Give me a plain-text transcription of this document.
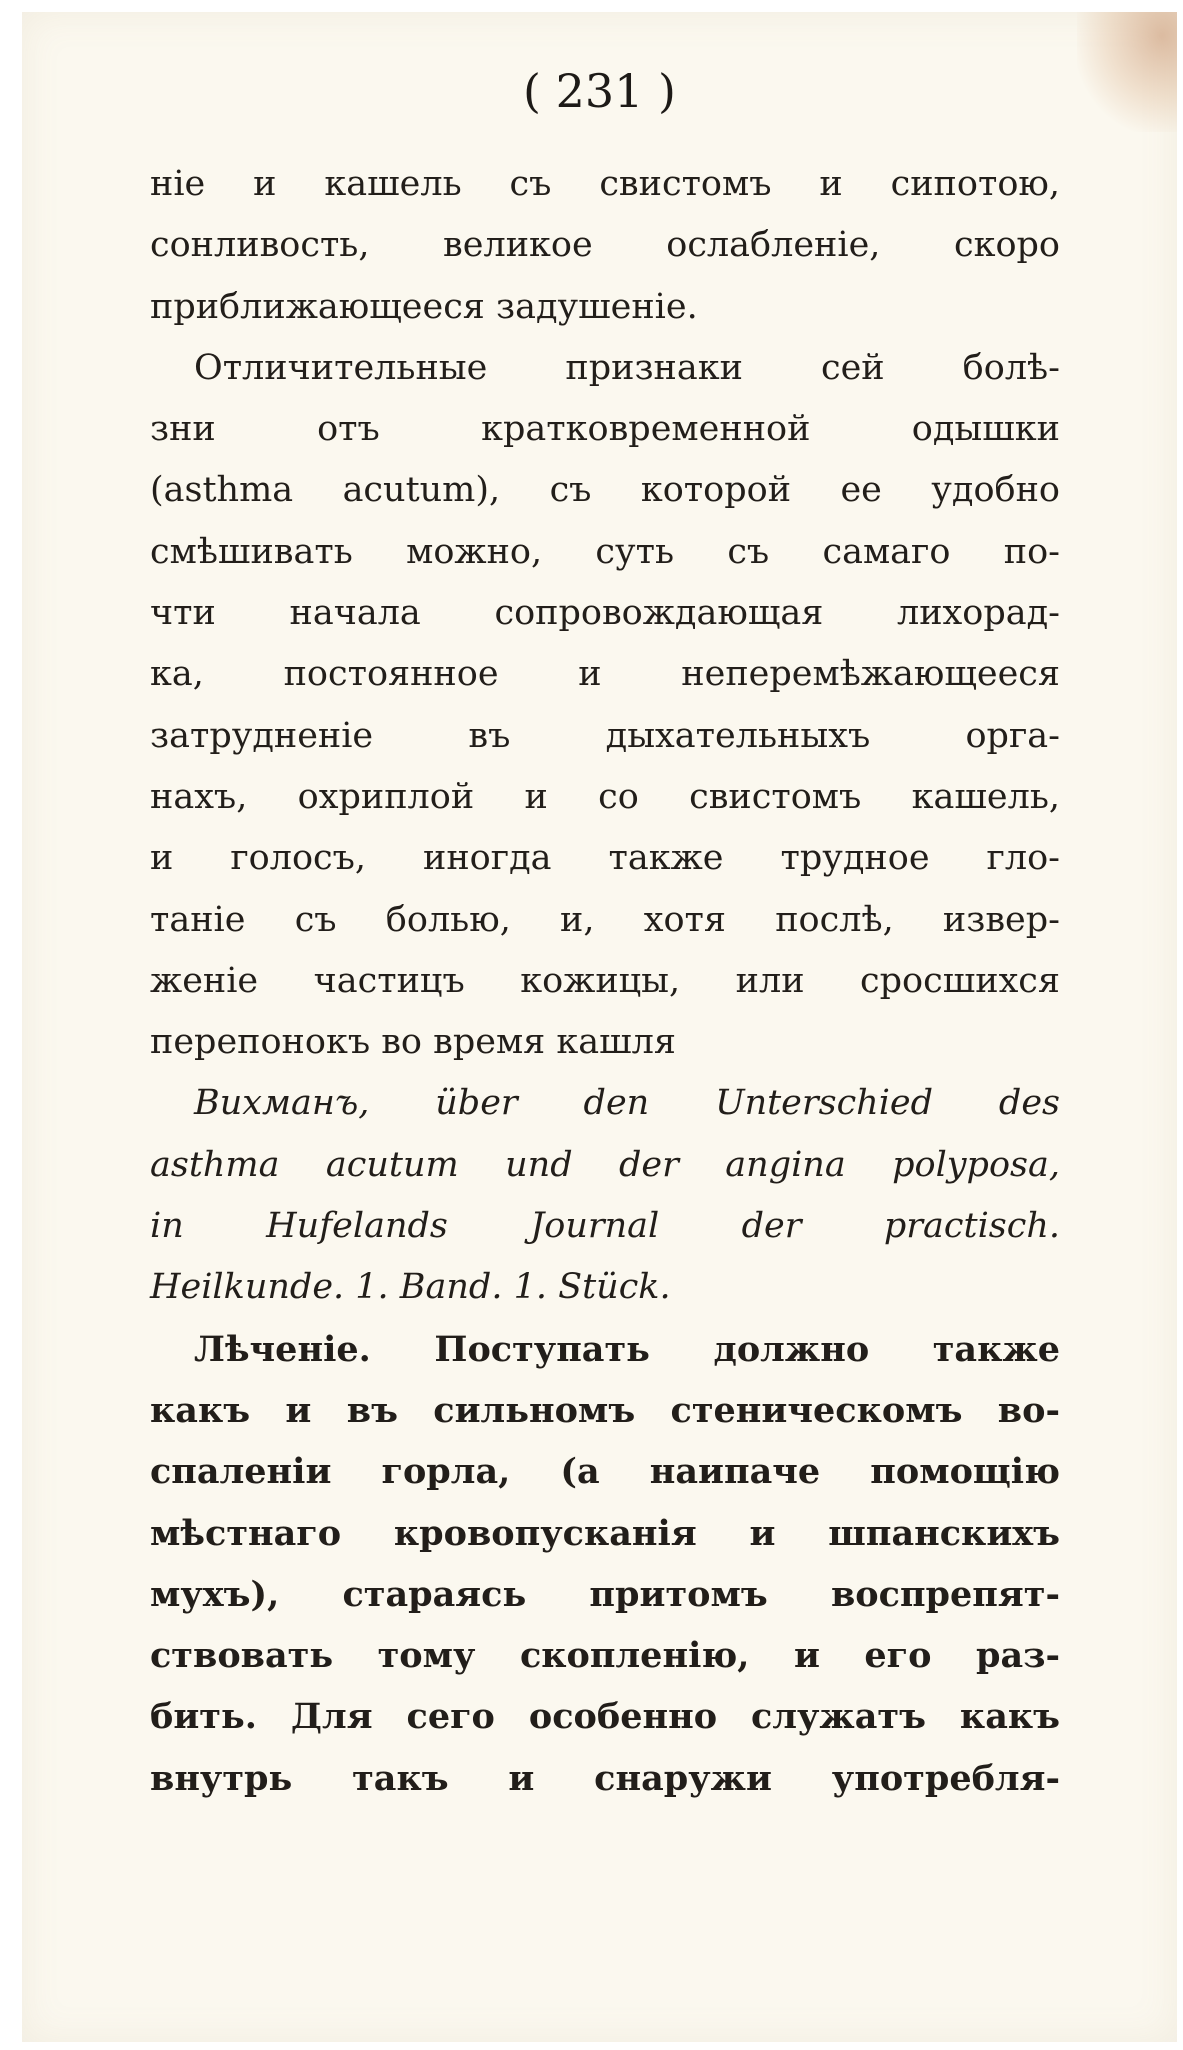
( 231 )
ніе и кашель съ свистомъ и сипотою,
сонливость, великое ослабленіе, скоро
приближающееся задушеніе.
Отличительные признаки сей болѣ-
зни отъ кратковременной одышки
(asthma acutum), съ которой ее удобно
смѣшивать можно, суть съ самаго по-
чти начала сопровождающая лихорад-
ка, постоянное и неперемѣжающееся
затрудненіе въ дыхательныхъ орга-
нахъ, охриплой и со свистомъ кашель,
и голосъ, иногда также трудное гло-
таніе съ болью, и, хотя послѣ, извер-
женіе частицъ кожицы, или сросшихся
перепонокъ во время кашля
Вихманъ, über den Unterschied des
asthma acutum und der angina polyposa,
in Hufelands Journal der practisch.
Heilkunde. 1. Band. 1. Stück.
Лѣченіе. Поступать должно также
какъ и въ сильномъ стеническомъ во-
спаленіи горла, (а наипаче помощію
мѣстнаго кровопусканія и шпанскихъ
мухъ), стараясь притомъ воспрепят-
ствовать тому скопленію, и его раз-
бить. Для сего особенно служатъ какъ
внутрь такъ и снаружи употребля-
